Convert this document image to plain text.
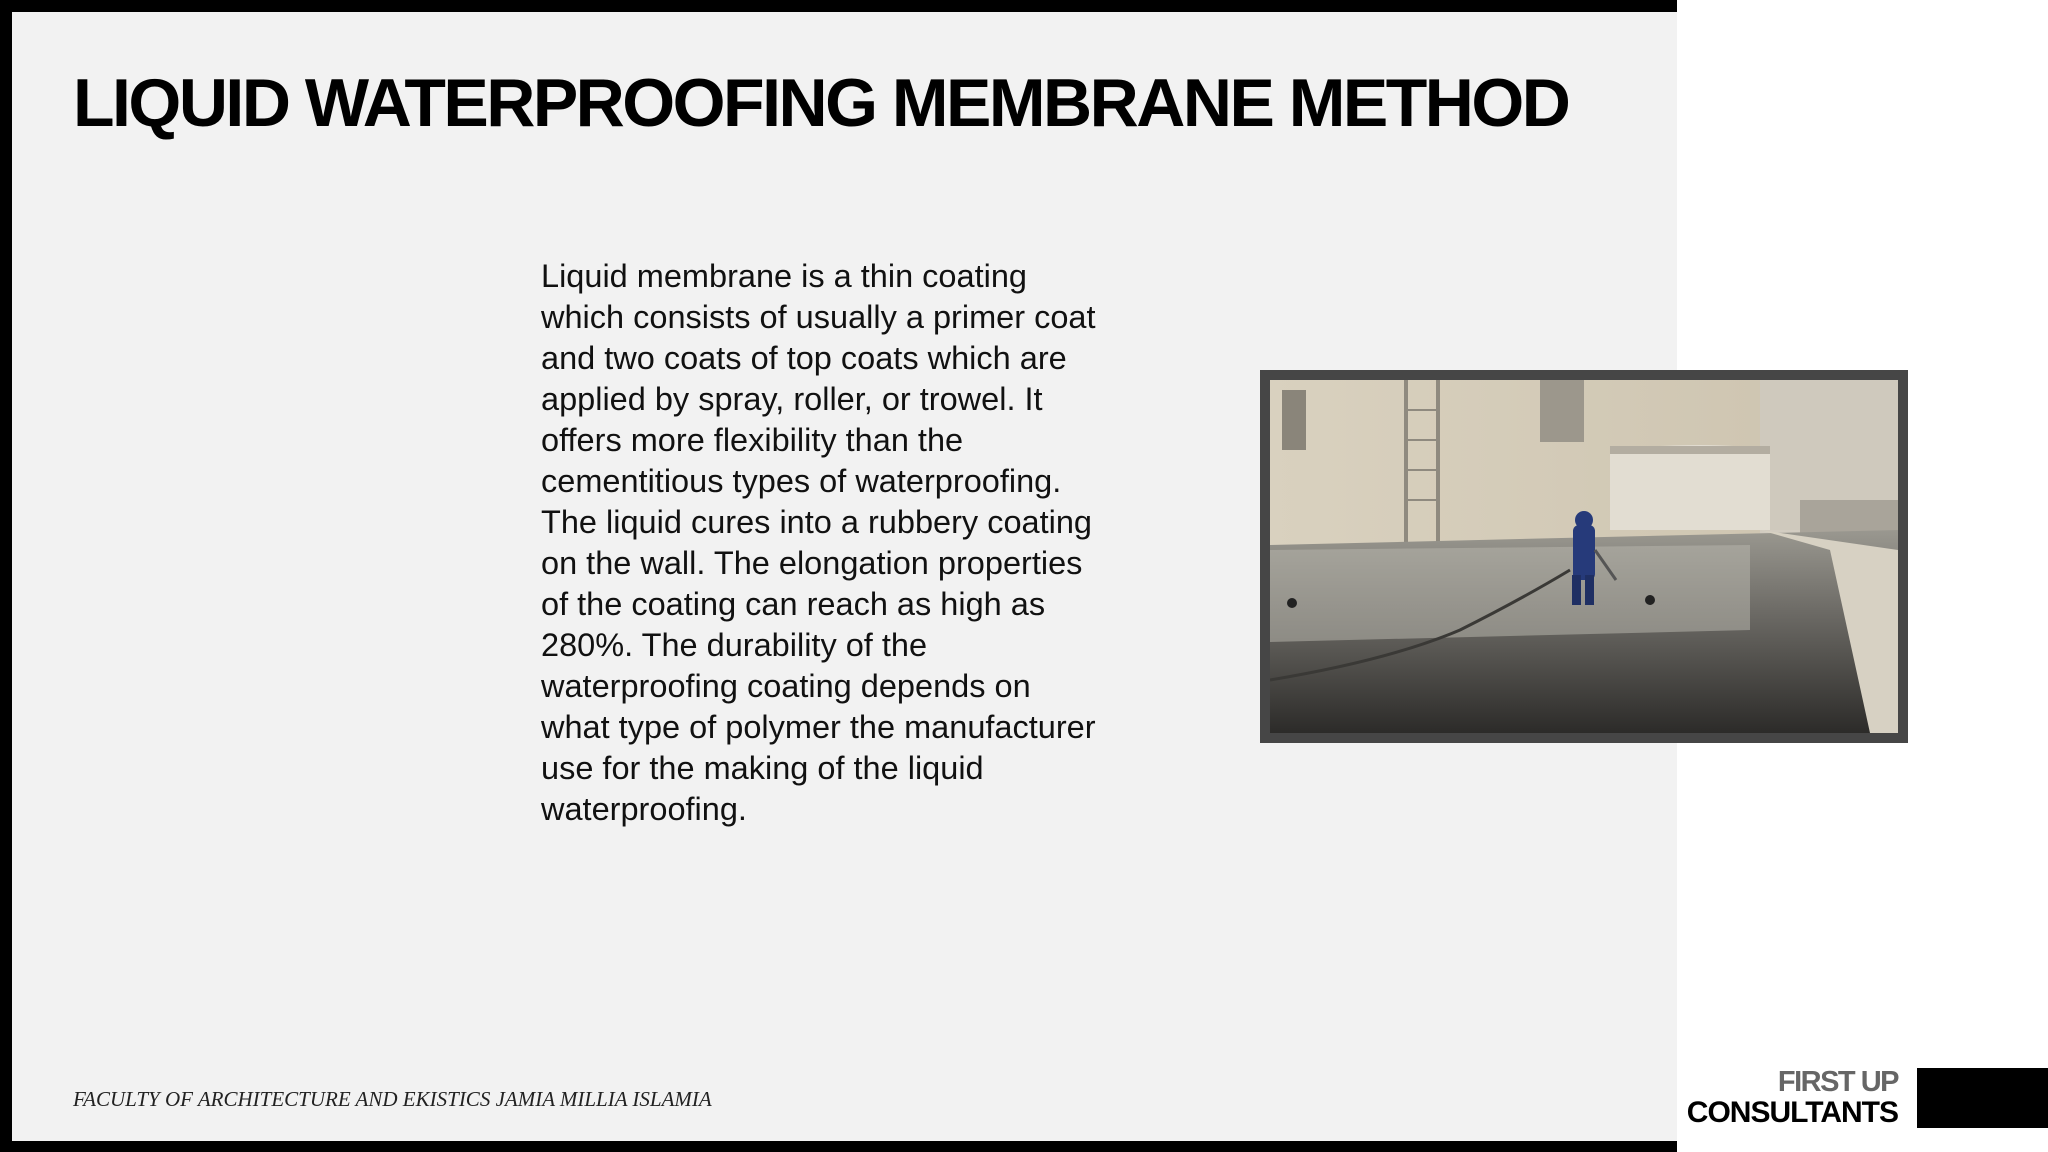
LIQUID WATERPROOFING MEMBRANE METHOD
Liquid membrane is a thin coating
which consists of usually a primer coat
and two coats of top coats which are
applied by spray, roller, or trowel. It
offers more flexibility than the
cementitious types of waterproofing.
The liquid cures into a rubbery coating
on the wall. The elongation properties
of the coating can reach as high as
280%. The durability of the
waterproofing coating depends on
what type of polymer the manufacturer
use for the making of the liquid
waterproofing.
FACULTY OF ARCHITECTURE AND EKISTICS JAMIA MILLIA ISLAMIA
FIRST UP
CONSULTANTS
